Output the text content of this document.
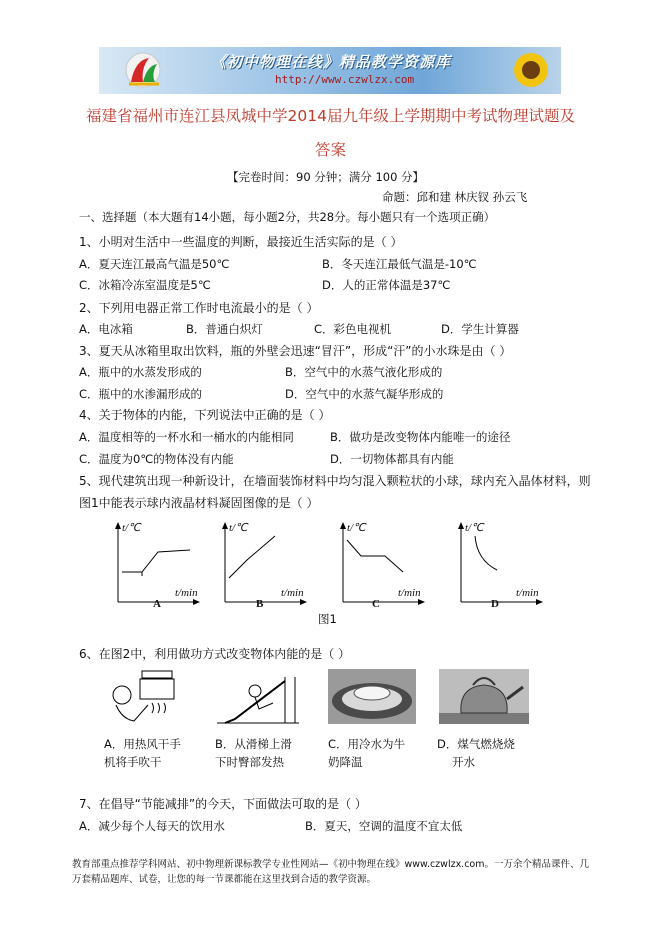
《初中物理在线》精品教学资源库
http://www.czwlzx.com
福建省福州市连江县凤城中学2014届九年级上学期期中考试物理试题及
答案
【完卷时间：90 分钟；满分 100 分】
命题：邱和建 林庆钗 孙云飞
一、选择题（本大题有14小题，每小题2分，共28分。每小题只有一个选项正确）
1、小明对生活中一些温度的判断，最接近生活实际的是（ ）
A．夏天连江最高气温是50℃	B．冬天连江最低气温是-10℃
C．冰箱冷冻室温度是5℃	D．人的正常体温是37℃
2、下列用电器正常工作时电流最小的是（ ）
A．电冰箱	B．普通白炽灯	C．彩色电视机	D．学生计算器
3、夏天从冰箱里取出饮料，瓶的外壁会迅速“冒汗”，形成“汗”的小水珠是由（ ）
A．瓶中的水蒸发形成的	B．空气中的水蒸气液化形成的
C．瓶中的水渗漏形成的	D．空气中的水蒸气凝华形成的
4、关于物体的内能，下列说法中正确的是（ ）
A．温度相等的一杯水和一桶水的内能相同	B．做功是改变物体内能唯一的途径
C．温度为0℃的物体没有内能	D．一切物体都具有内能
5、现代建筑出现一种新设计，在墙面装饰材料中均匀混入颗粒状的小球，球内充入晶体材料，则
图1中能表示球内液晶材料凝固图像的是（ ）
t/℃
t/min
A
t/℃
t/min
B
t/℃
t/min
C
t/℃
t/min
D
图1
6、在图2中，利用做功方式改变物体内能的是（ ）
A．用热风干手
机将手吹干
B．从滑梯上滑
下时臀部发热
C．用冷水为牛
奶降温
D．煤气燃烧烧
开水
7、在倡导“节能减排”的今天，下面做法可取的是（ ）
A．减少每个人每天的饮用水	B．夏天，空调的温度不宜太低
教育部重点推荐学科网站、初中物理新课标教学专业性网站—《初中物理在线》www.czwlzx.com。一万余个精品课件、几万套精品题库、试卷，让您的每一节课都能在这里找到合适的教学资源。
